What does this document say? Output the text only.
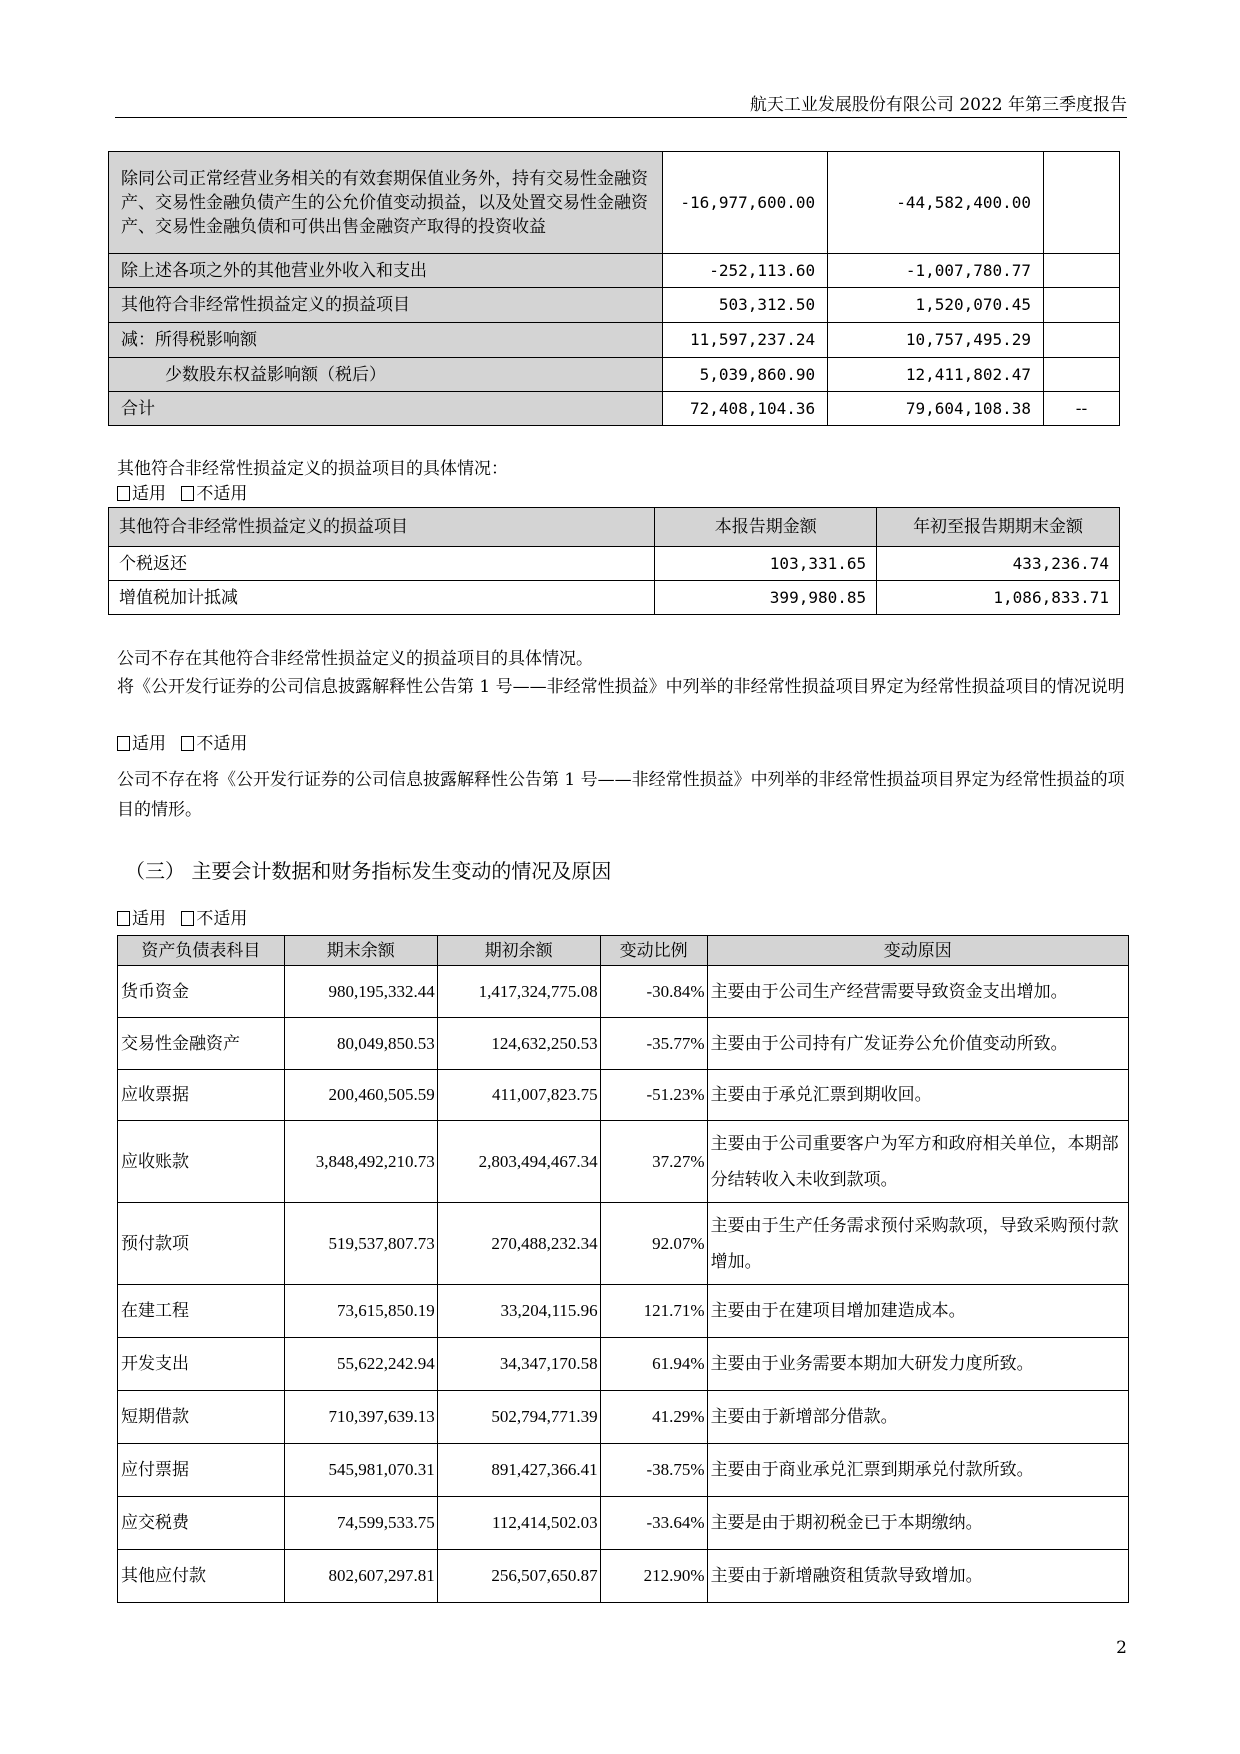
航天工业发展股份有限公司 2022 年第三季度报告
除同公司正常经营业务相关的有效套期保值业务外，持有交易性金融资产、交易性金融负债产生的公允价值变动损益，以及处置交易性金融资产、交易性金融负债和可供出售金融资产取得的投资收益	-16,977,600.00	-44,582,400.00	
除上述各项之外的其他营业外收入和支出	-252,113.60	-1,007,780.77	
其他符合非经常性损益定义的损益项目	503,312.50	1,520,070.45	
减：所得税影响额	11,597,237.24	10,757,495.29	
少数股东权益影响额（税后）	5,039,860.90	12,411,802.47	
合计	72,408,104.36	79,604,108.38	--
其他符合非经常性损益定义的损益项目的具体情况：
适用 不适用
其他符合非经常性损益定义的损益项目	本报告期金额	年初至报告期期末金额
个税返还	103,331.65	433,236.74
增值税加计抵减	399,980.85	1,086,833.71
公司不存在其他符合非经常性损益定义的损益项目的具体情况。
将《公开发行证券的公司信息披露解释性公告第 1 号——非经常性损益》中列举的非经常性损益项目界定为经常性损益项目的情况说明
适用 不适用
公司不存在将《公开发行证券的公司信息披露解释性公告第 1 号——非经常性损益》中列举的非经常性损益项目界定为经常性损益的项目的情形。
（三） 主要会计数据和财务指标发生变动的情况及原因
适用 不适用
资产负债表科目	期末余额	期初余额	变动比例	变动原因
货币资金	980,195,332.44	1,417,324,775.08	-30.84%	主要由于公司生产经营需要导致资金支出增加。
交易性金融资产	80,049,850.53	124,632,250.53	-35.77%	主要由于公司持有广发证券公允价值变动所致。
应收票据	200,460,505.59	411,007,823.75	-51.23%	主要由于承兑汇票到期收回。
应收账款	3,848,492,210.73	2,803,494,467.34	37.27%	主要由于公司重要客户为军方和政府相关单位，本期部分结转收入未收到款项。
预付款项	519,537,807.73	270,488,232.34	92.07%	主要由于生产任务需求预付采购款项，导致采购预付款增加。
在建工程	73,615,850.19	33,204,115.96	121.71%	主要由于在建项目增加建造成本。
开发支出	55,622,242.94	34,347,170.58	61.94%	主要由于业务需要本期加大研发力度所致。
短期借款	710,397,639.13	502,794,771.39	41.29%	主要由于新增部分借款。
应付票据	545,981,070.31	891,427,366.41	-38.75%	主要由于商业承兑汇票到期承兑付款所致。
应交税费	74,599,533.75	112,414,502.03	-33.64%	主要是由于期初税金已于本期缴纳。
其他应付款	802,607,297.81	256,507,650.87	212.90%	主要由于新增融资租赁款导致增加。
2
